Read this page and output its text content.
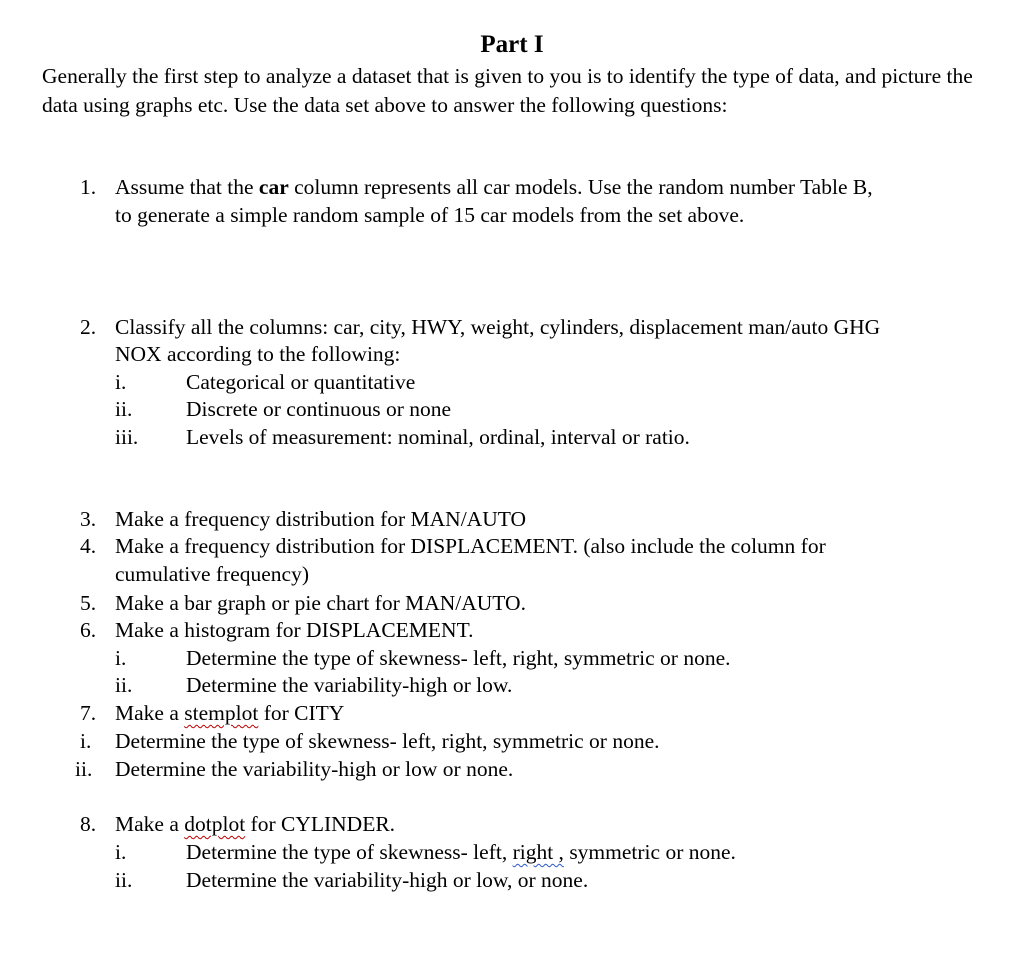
Part I
Generally the first step to analyze a dataset that is given to you is to identify the type of data, and picture the data using graphs etc. Use the data set above to answer the following questions:
1. Assume that the car column represents all car models. Use the random number Table B,
to generate a simple random sample of 15 car models from the set above.
2. Classify all the columns: car, city, HWY, weight, cylinders, displacement man/auto GHG
NOX according to the following:
i.	Categorical or quantitative
ii. Discrete or continuous or none
iii. Levels of measurement: nominal, ordinal, interval or ratio.
3. Make a frequency distribution for MAN/AUTO
4. Make a frequency distribution for DISPLACEMENT. (also include the column for
cumulative frequency)
5. Make a bar graph or pie chart for MAN/AUTO.
6. Make a histogram for DISPLACEMENT.
i.	Determine the type of skewness- left, right, symmetric or none.
ii. Determine the variability-high or low.
7. Make a stemplot for CITY
i. Determine the type of skewness- left, right, symmetric or none.
ii. Determine the variability-high or low or none.
8. Make a dotplot for CYLINDER.
i.	Determine the type of skewness- left, right , symmetric or none.
ii. Determine the variability-high or low, or none.
